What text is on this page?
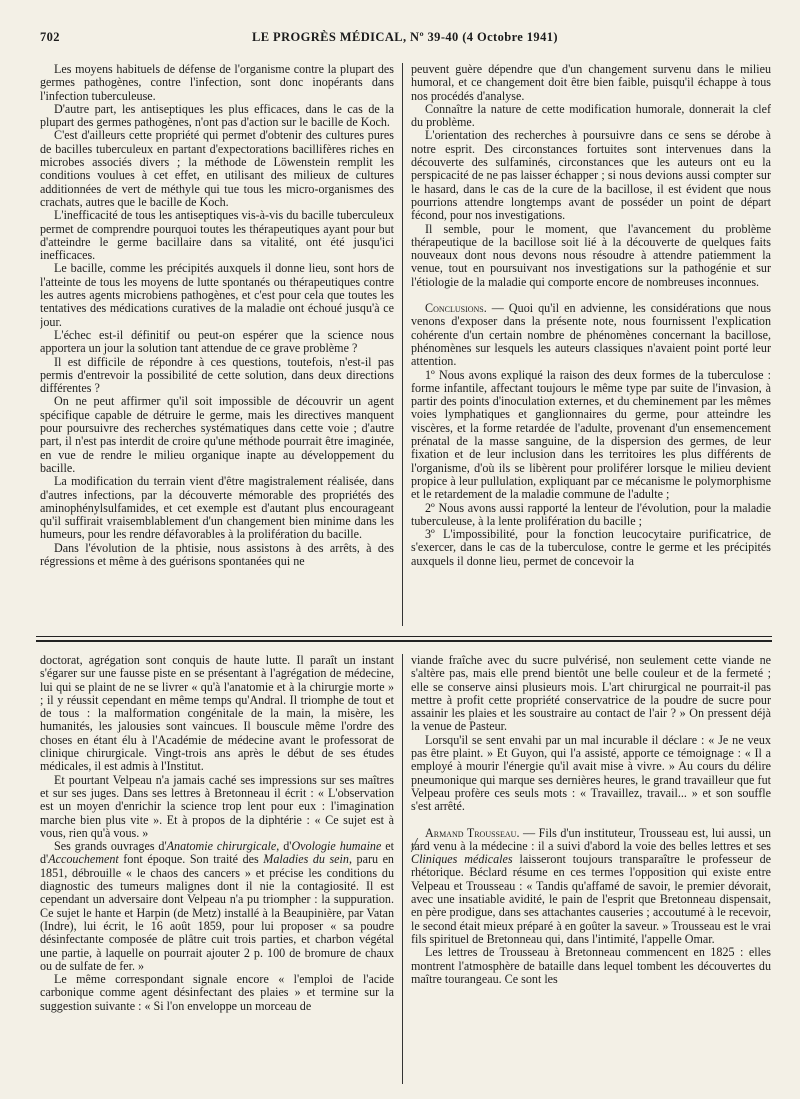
702	LE PROGRÈS MÉDICAL, Nº 39-40 (4 Octobre 1941)

Les moyens habituels de défense de l'organisme contre la plupart des germes pathogènes, contre l'infection, sont donc inopérants dans l'infection tuberculeuse.

D'autre part, les antiseptiques les plus efficaces, dans le cas de la plupart des germes pathogènes, n'ont pas d'action sur le bacille de Koch.

C'est d'ailleurs cette propriété qui permet d'obtenir des cultures pures de bacilles tuberculeux en partant d'expectorations bacillifères riches en microbes associés divers ; la méthode de Löwenstein remplit les conditions voulues à cet effet, en utilisant des milieux de cultures additionnées de vert de méthyle qui tue tous les micro-organismes des crachats, autres que le bacille de Koch.

L'inefficacité de tous les antiseptiques vis-à-vis du bacille tuberculeux permet de comprendre pourquoi toutes les thérapeutiques ayant pour but d'atteindre le germe bacillaire dans sa vitalité, ont été jusqu'ici inefficaces.

Le bacille, comme les précipités auxquels il donne lieu, sont hors de l'atteinte de tous les moyens de lutte spontanés ou thérapeutiques contre les autres agents microbiens pathogènes, et c'est pour cela que toutes les tentatives des médications curatives de la maladie ont échoué jusqu'à ce jour.

L'échec est-il définitif ou peut-on espérer que la science nous apportera un jour la solution tant attendue de ce grave problème ?

Il est difficile de répondre à ces questions, toutefois, n'est-il pas permis d'entrevoir la possibilité de cette solution, dans deux directions différentes ?

On ne peut affirmer qu'il soit impossible de découvrir un agent spécifique capable de détruire le germe, mais les directives manquent pour poursuivre des recherches systématiques dans cette voie ; d'autre part, il n'est pas interdit de croire qu'une méthode pourrait être imaginée, en vue de rendre le milieu organique inapte au développement du bacille.

La modification du terrain vient d'être magistralement réalisée, dans d'autres infections, par la découverte mémorable des propriétés des aminophénylsulfamides, et cet exemple est d'autant plus encourageant qu'il suffirait vraisemblablement d'un changement bien minime dans les humeurs, pour les rendre défavorables à la prolifération du bacille.

Dans l'évolution de la phtisie, nous assistons à des arrêts, à des régressions et même à des guérisons spontanées qui ne

peuvent guère dépendre que d'un changement survenu dans le milieu humoral, et ce changement doit être bien faible, puisqu'il échappe à tous nos procédés d'analyse.

Connaître la nature de cette modification humorale, donnerait la clef du problème.

L'orientation des recherches à poursuivre dans ce sens se dérobe à notre esprit. Des circonstances fortuites sont intervenues dans la découverte des sulfaminés, circonstances que les auteurs ont eu la perspicacité de ne pas laisser échapper ; si nous devions aussi compter sur le hasard, dans le cas de la cure de la bacillose, il est évident que nous pourrions attendre longtemps avant de posséder un point de départ fécond, pour nos investigations.

Il semble, pour le moment, que l'avancement du problème thérapeutique de la bacillose soit lié à la découverte de quelques faits nouveaux dont nous devons nous résoudre à attendre patiemment la venue, tout en poursuivant nos investigations sur la pathogénie et sur l'étiologie de la maladie qui comporte encore de nombreuses inconnues.

Conclusions. — Quoi qu'il en advienne, les considérations que nous venons d'exposer dans la présente note, nous fournissent l'explication cohérente d'un certain nombre de phénomènes concernant la bacillose, phénomènes sur lesquels les auteurs classiques n'avaient point porté leur attention.

1º Nous avons expliqué la raison des deux formes de la tuberculose : forme infantile, affectant toujours le même type par suite de l'invasion, à partir des points d'inoculation externes, et du cheminement par les mêmes voies lymphatiques et ganglionnaires du germe, pour atteindre les viscères, et la forme retardée de l'adulte, provenant d'un ensemencement prénatal de la masse sanguine, de la dispersion des germes, de leur fixation et de leur inclusion dans les territoires les plus différents de l'organisme, d'où ils se libèrent pour proliférer lorsque le milieu devient propice à leur pullulation, expliquant par ce mécanisme le polymorphisme et le retardement de la maladie commune de l'adulte ;

2º Nous avons aussi rapporté la lenteur de l'évolution, pour la maladie tuberculeuse, à la lente prolifération du bacille ;

3º L'impossibilité, pour la fonction leucocytaire purificatrice, de s'exercer, dans le cas de la tuberculose, contre le germe et les précipités auxquels il donne lieu, permet de concevoir la

doctorat, agrégation sont conquis de haute lutte. Il paraît un instant s'égarer sur une fausse piste en se présentant à l'agrégation de médecine, lui qui se plaint de ne se livrer « qu'à l'anatomie et à la chirurgie morte » ; il y réussit cependant en même temps qu'Andral. Il triomphe de tout et de tous : la malformation congénitale de la main, la misère, les humanités, les jalousies sont vaincues. Il bouscule même l'ordre des choses en étant élu à l'Académie de médecine avant le professorat de clinique chirurgicale. Vingt-trois ans après le début de ses études médicales, il est admis à l'Institut.

Et pourtant Velpeau n'a jamais caché ses impressions sur ses maîtres et sur ses juges. Dans ses lettres à Bretonneau il écrit : « L'observation est un moyen d'enrichir la science trop lent pour eux : l'imagination marche bien plus vite ». Et à propos de la diphtérie : « Ce sujet est à vous, rien qu'à vous. »

Ses grands ouvrages d'Anatomie chirurgicale, d'Ovologie humaine et d'Accouchement font époque. Son traité des Maladies du sein, paru en 1851, débrouille « le chaos des cancers » et précise les conditions du diagnostic des tumeurs malignes dont il nie la contagiosité. Il est cependant un adversaire dont Velpeau n'a pu triompher : la suppuration. Ce sujet le hante et Harpin (de Metz) installé à la Beaupinière, par Vatan (Indre), lui écrit, le 16 août 1859, pour lui proposer « sa poudre désinfectante composée de plâtre cuit trois parties, et charbon végétal une partie, à laquelle on pourrait ajouter 2 p. 100 de bromure de chaux ou de sulfate de fer. »

Le même correspondant signale encore « l'emploi de l'acide carbonique comme agent désinfectant des plaies » et termine sur la suggestion suivante : « Si l'on enveloppe un morceau de

viande fraîche avec du sucre pulvérisé, non seulement cette viande ne s'altère pas, mais elle prend bientôt une belle couleur et de la fermeté ; elle se conserve ainsi plusieurs mois. L'art chirurgical ne pourrait-il pas mettre à profit cette propriété conservatrice de la poudre de sucre pour assainir les plaies et les soustraire au contact de l'air ? » On pressent déjà la venue de Pasteur.

Lorsqu'il se sent envahi par un mal incurable il déclare : « Je ne veux pas être plaint. » Et Guyon, qui l'a assisté, apporte ce témoignage : « Il a employé à mourir l'énergie qu'il avait mise à vivre. » Au cours du délire pneumonique qui marque ses dernières heures, le grand travailleur que fut Velpeau profère ces seuls mots : « Travaillez, travail... » et son souffle s'est arrêté.

Armand Trousseau. — Fils d'un instituteur, Trousseau est, lui aussi, un tard venu à la médecine : il a suivi d'abord la voie des belles lettres et ses Cliniques médicales laisseront toujours transparaître le professeur de rhétorique. Béclard résume en ces termes l'opposition qui existe entre Velpeau et Trousseau : « Tandis qu'affamé de savoir, le premier dévorait, avec une insatiable avidité, le pain de l'esprit que Bretonneau dispensait, en père prodigue, dans ses attachantes causeries ; accoutumé à le recevoir, le second était mieux préparé à en goûter la saveur. » Trousseau est le vrai fils spirituel de Bretonneau qui, dans l'intimité, l'appelle Omar.

Les lettres de Trousseau à Bretonneau commencent en 1825 : elles montrent l'atmosphère de bataille dans lequel tombent les découvertes du maître tourangeau. Ce sont les
